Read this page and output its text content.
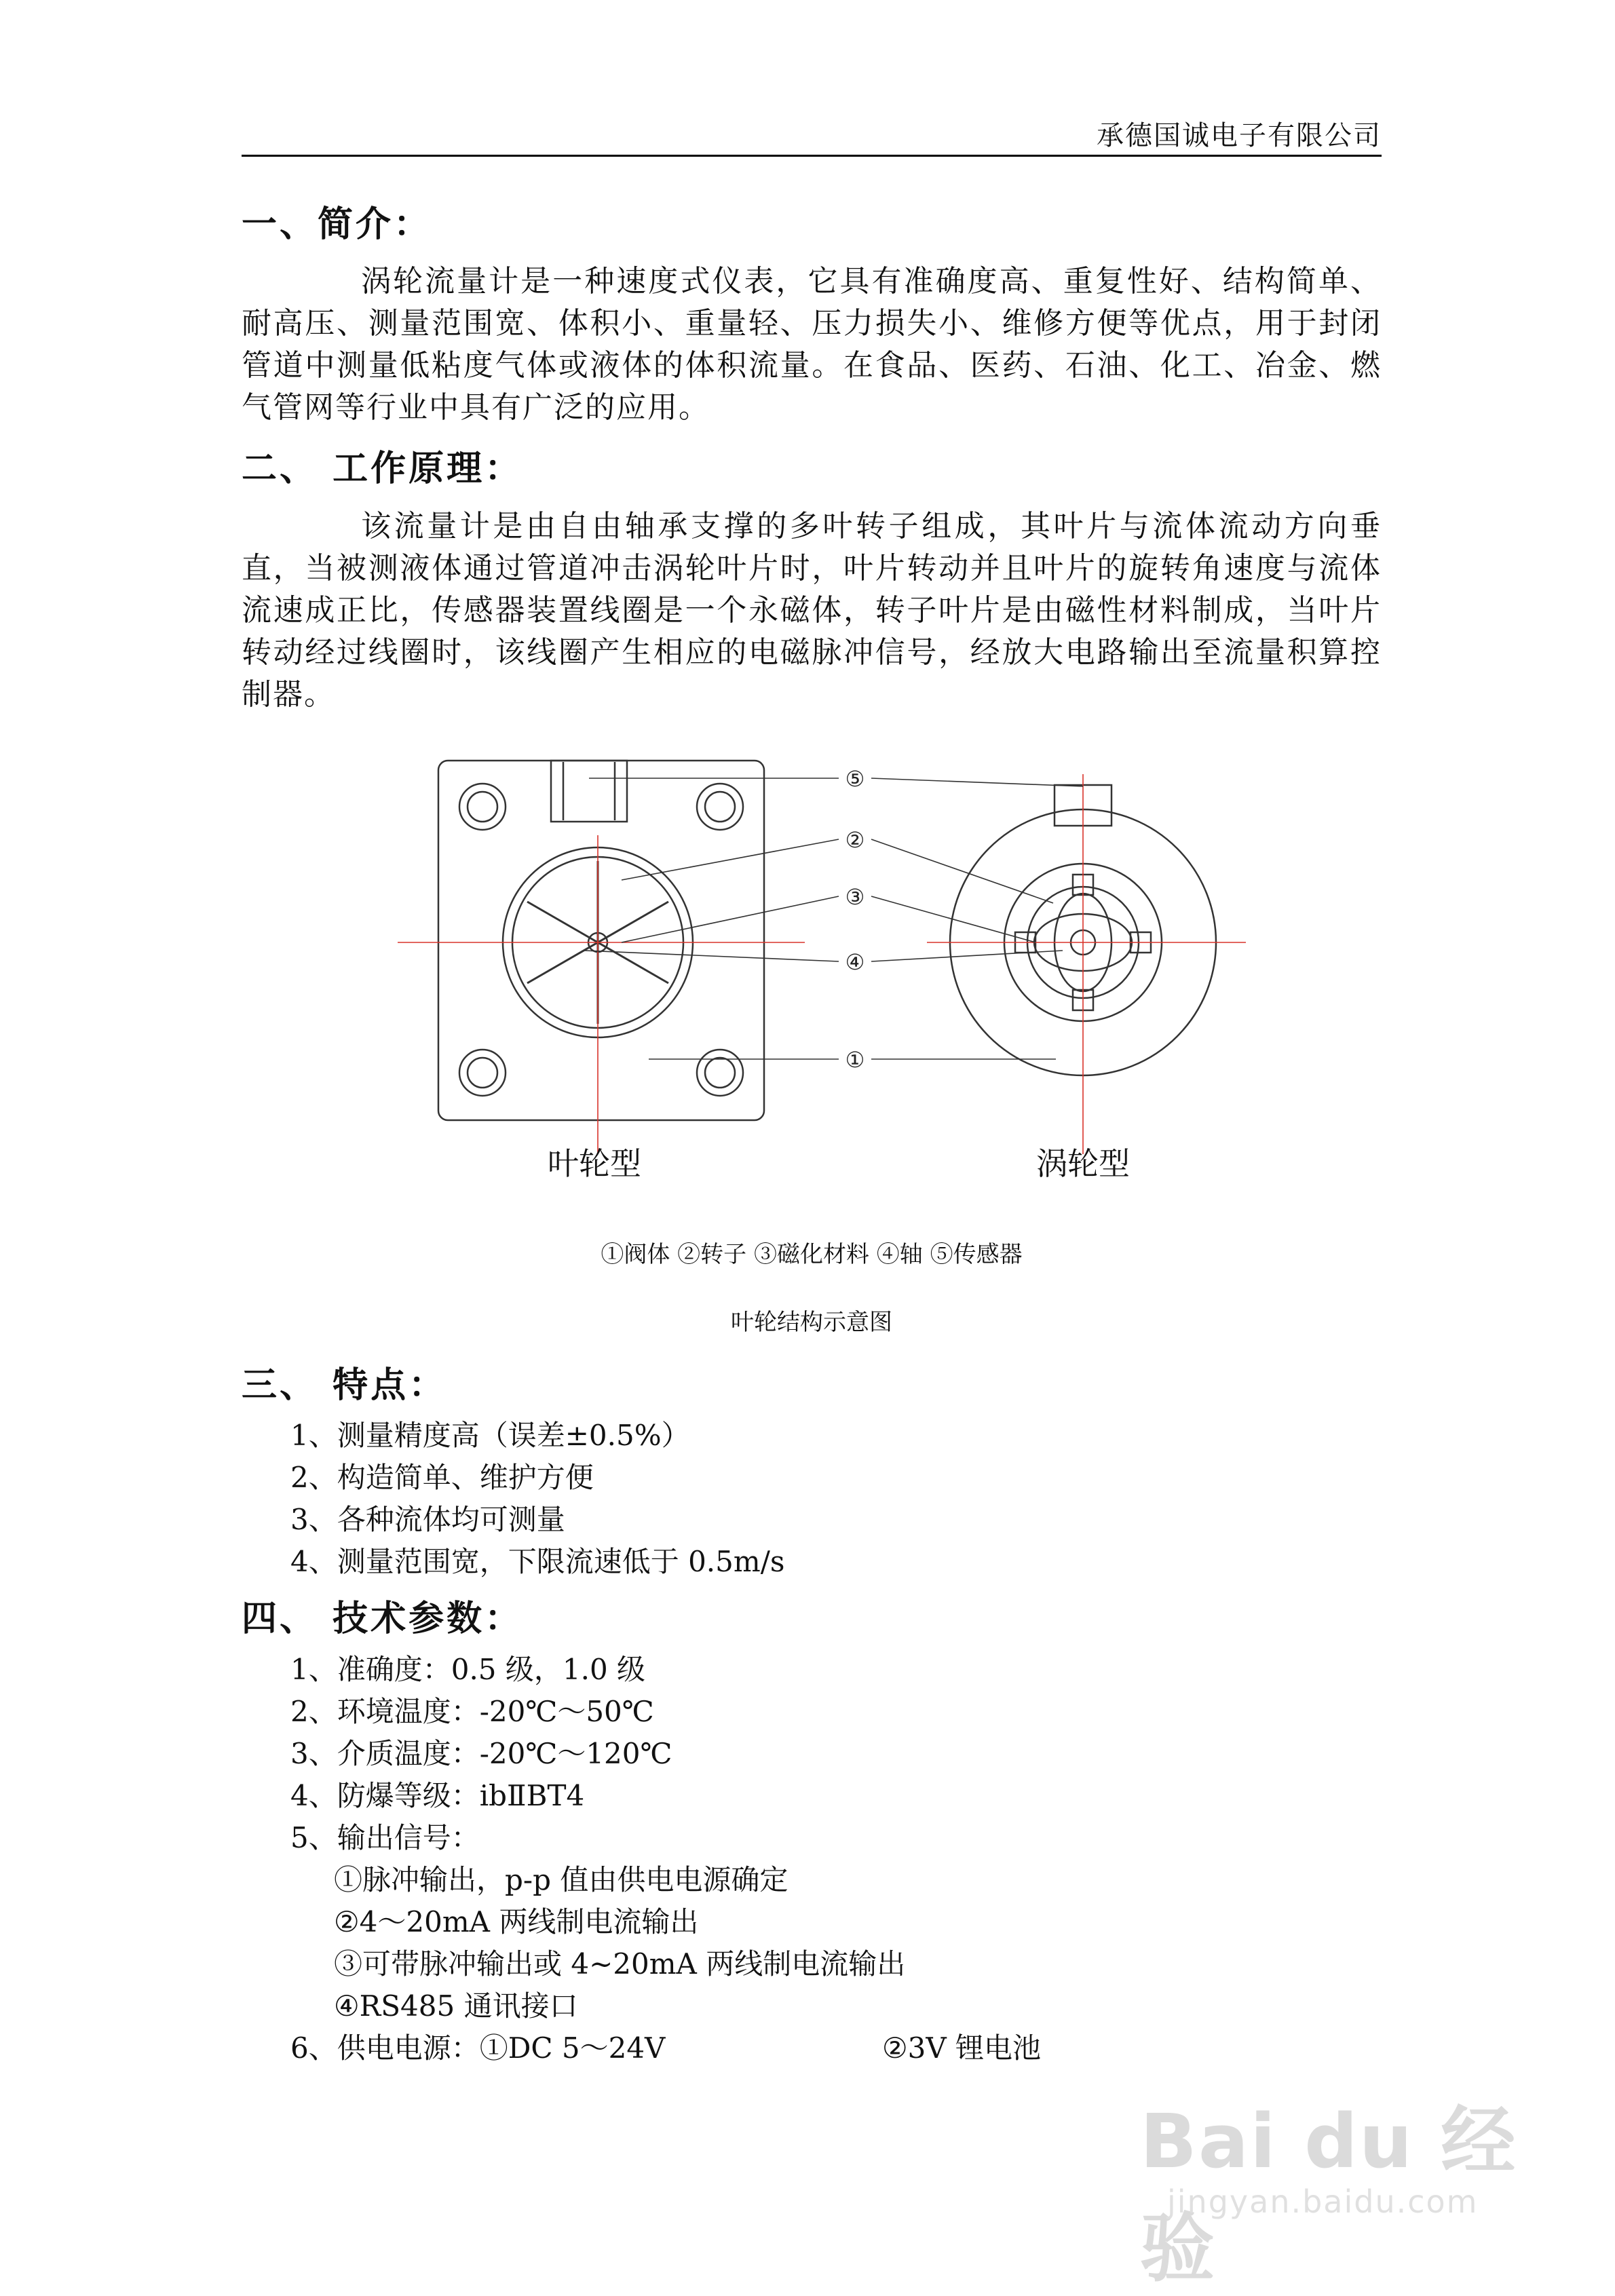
承德国诚电子有限公司
一、简介：

涡轮流量计是一种速度式仪表，它具有准确度高、重复性好、结构简单、耐高压、测量范围宽、体积小、重量轻、压力损失小、维修方便等优点，用于封闭管道中测量低粘度气体或液体的体积流量。在食品、医药、石油、化工、冶金、燃气管网等行业中具有广泛的应用。

二、 工作原理：

该流量计是由自由轴承支撑的多叶转子组成，其叶片与流体流动方向垂直，当被测液体通过管道冲击涡轮叶片时，叶片转动并且叶片的旋转角速度与流体流速成正比，传感器装置线圈是一个永磁体，转子叶片是由磁性材料制成，当叶片转动经过线圈时，该线圈产生相应的电磁脉冲信号，经放大电路输出至流量积算控制器。

⑤
②
③
④
①
叶轮型	涡轮型
①阀体 ②转子 ③磁化材料 ④轴 ⑤传感器
叶轮结构示意图
三、 特点：
1、测量精度高（误差±0.5%）
2、构造简单、维护方便
3、各种流体均可测量
4、测量范围宽，下限流速低于 0.5m/s
四、 技术参数：
1、准确度：0.5 级，1.0 级
2、环境温度：-20℃～50℃
3、介质温度：-20℃～120℃
4、防爆等级：ibⅡBT4
5、输出信号：
①脉冲输出，p-p 值由供电电源确定
②4～20mA 两线制电流输出
③可带脉冲输出或 4~20mA 两线制电流输出
④RS485 通讯接口
6、供电电源：①DC 5～24V	②3V 锂电池
Bai du 经验
jingyan.baidu.com
